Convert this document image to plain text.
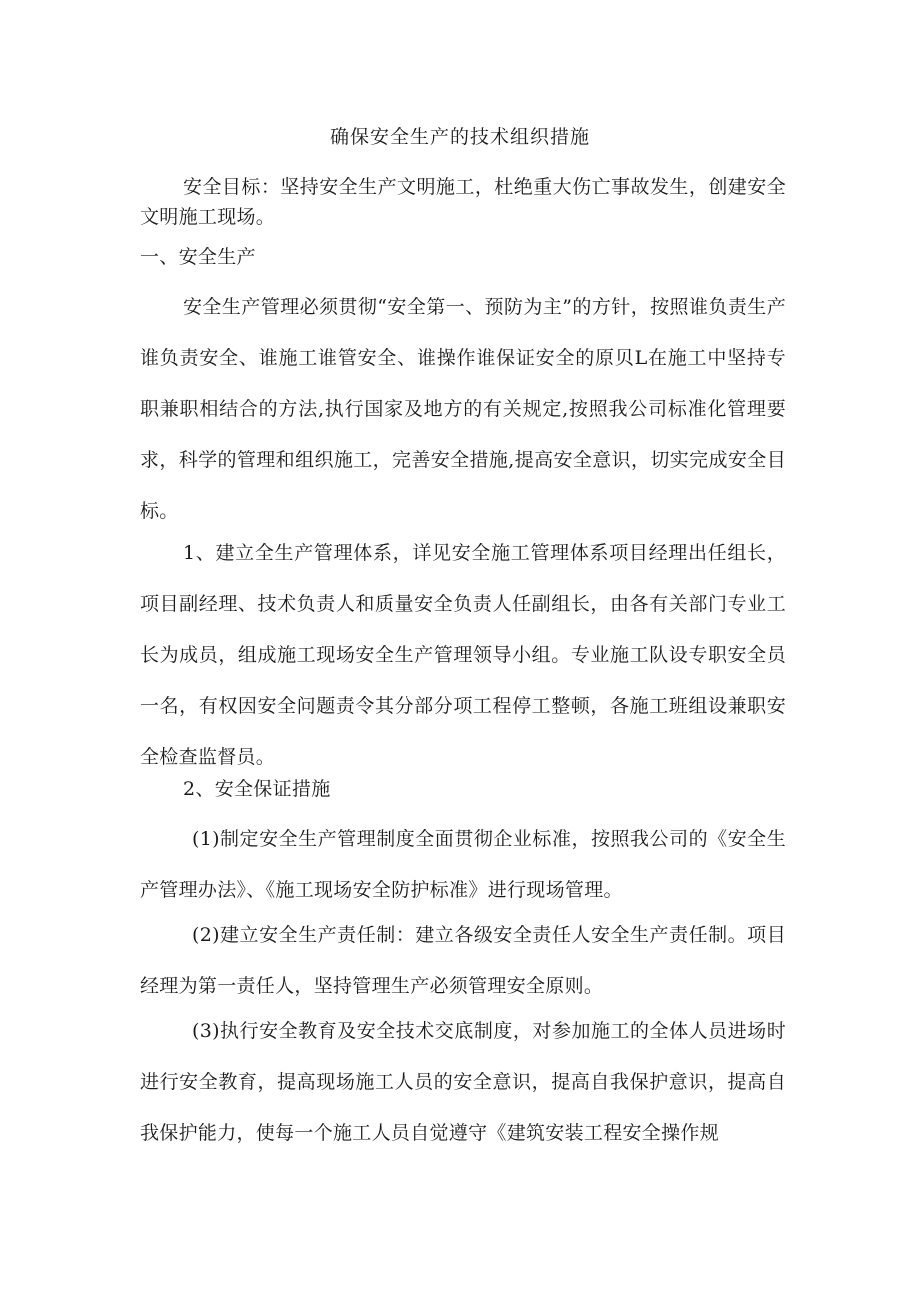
确保安全生产的技术组织措施

安全目标：坚持安全生产文明施工，杜绝重大伤亡事故发生，创建安全文明施工现场。

一、安全生产

安全生产管理必须贯彻“安全第一、预防为主”的方针，按照谁负责生产谁负责安全、谁施工谁管安全、谁操作谁保证安全的原贝L在施工中坚持专职兼职相结合的方法,执行国家及地方的有关规定,按照我公司标准化管理要求，科学的管理和组织施工，完善安全措施,提高安全意识，切实完成安全目标。

1、建立全生产管理体系，详见安全施工管理体系项目经理出任组长，项目副经理、技术负责人和质量安全负责人任副组长，由各有关部门专业工长为成员，组成施工现场安全生产管理领导小组。专业施工队设专职安全员一名，有权因安全问题责令其分部分项工程停工整顿，各施工班组设兼职安全检查监督员。

2、安全保证措施

(1)制定安全生产管理制度全面贯彻企业标准，按照我公司的《安全生产管理办法》、《施工现场安全防护标准》进行现场管理。

(2)建立安全生产责任制：建立各级安全责任人安全生产责任制。项目经理为第一责任人，坚持管理生产必须管理安全原则。

(3)执行安全教育及安全技术交底制度，对参加施工的全体人员进场时进行安全教育，提高现场施工人员的安全意识，提高自我保护意识，提高自我保护能力，使每一个施工人员自觉遵守《建筑安装工程安全操作规
